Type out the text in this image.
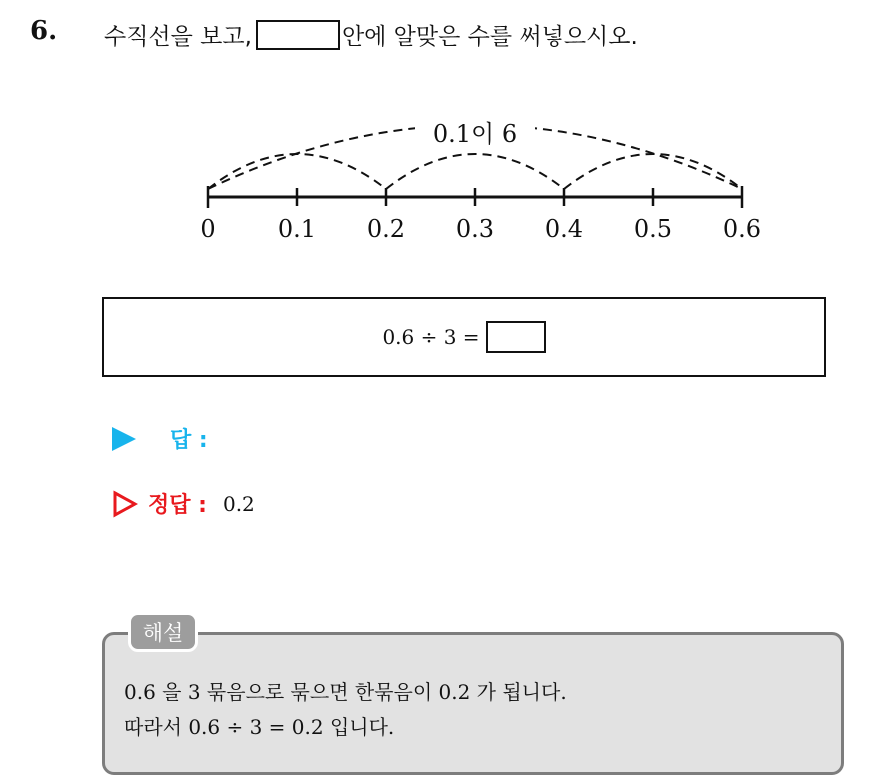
6. 수직선을 보고,	안에 알맞은 수를 써넣으시오.
0	0.1 0.2 0.3 0.4 0.5 0.6
0.1이 6
0.6 ÷ 3 =
답 :
정답 : 0.2
해설
0.6 을 3 묶음으로 묶으면 한묶음이 0.2 가 됩니다.
따라서 0.6 ÷ 3 = 0.2 입니다.
